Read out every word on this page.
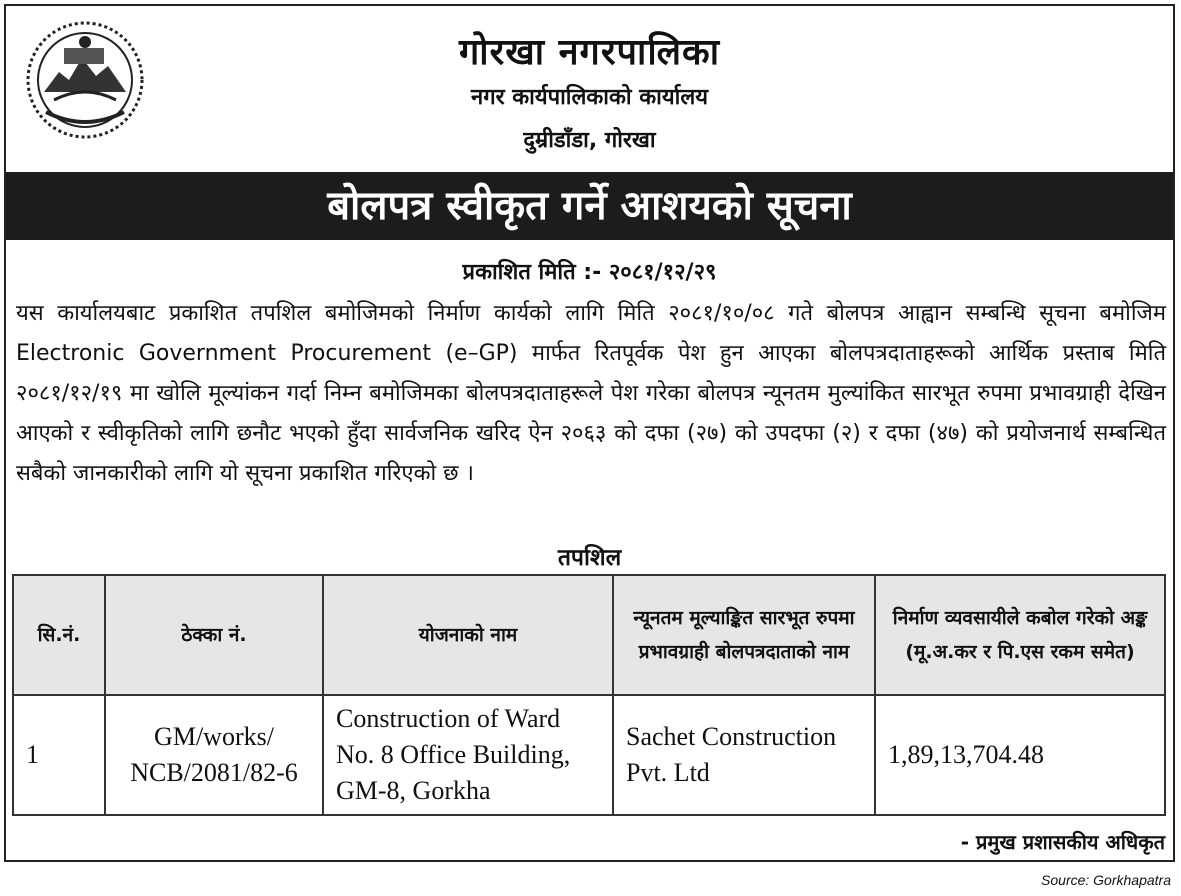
गोरखा नगरपालिका
नगर कार्यपालिकाको कार्यालय
दुम्रीडाँडा, गोरखा
बोलपत्र स्वीकृत गर्ने आशयको सूचना
प्रकाशित मिति :- २०८१/१२/२९
यस कार्यालयबाट प्रकाशित तपशिल बमोजिमको निर्माण कार्यको लागि मिति २०८१/१०/०८ गते बोलपत्र आह्वान सम्बन्धि सूचना बमोजिम Electronic Government Procurement (e–GP) मार्फत रितपूर्वक पेश हुन आएका बोलपत्रदाताहरूको आर्थिक प्रस्ताब मिति २०८१/१२/१९ मा खोलि मूल्यांकन गर्दा निम्न बमोजिमका बोलपत्रदाताहरूले पेश गरेका बोलपत्र न्यूनतम मुल्यांकित सारभूत रुपमा प्रभावग्राही देखिन आएको र स्वीकृतिको लागि छनौट भएको हुँदा सार्वजनिक खरिद ऐन २०६३ को दफा (२७) को उपदफा (२) र दफा (४७) को प्रयोजनार्थ सम्बन्धित सबैको जानकारीको लागि यो सूचना प्रकाशित गरिएको छ ।
तपशिल
सि.नं.	ठेक्का नं.	योजनाको नाम	न्यूनतम मूल्याङ्कित सारभूत रुपमा प्रभावग्राही बोलपत्रदाताको नाम	निर्माण व्यवसायीले कबोल गरेको अङ्क (मू.अ.कर र पि.एस रकम समेत)
1	GM/works/ NCB/2081/82-6	Construction of Ward No. 8 Office Building, GM-8, Gorkha	Sachet Construction Pvt. Ltd	1,89,13,704.48
- प्रमुख प्रशासकीय अधिकृत
Source: Gorkhapatra
